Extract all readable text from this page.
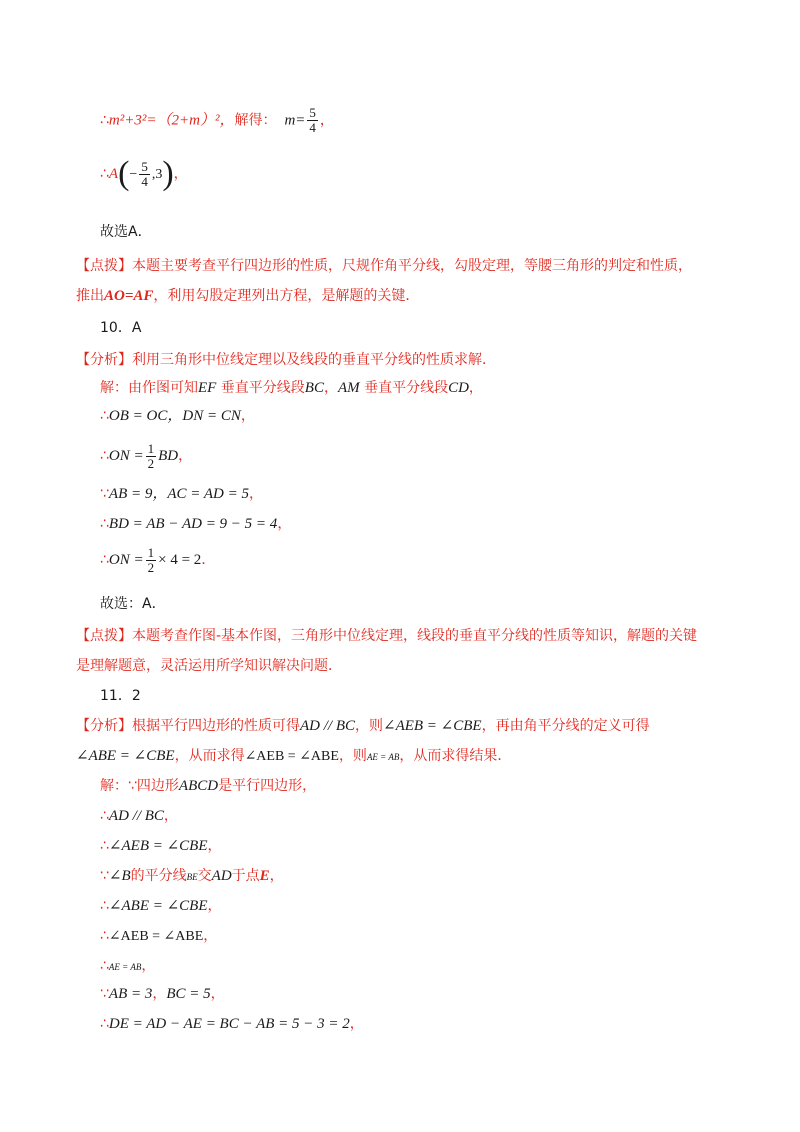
∴m²+3²=（2+m）²，解得： $m= \frac{5}{4}$ ，
∴A(− $\frac{5}{4} ,3$)，
故选A．
【点拨】本题主要考查平行四边形的性质，尺规作角平分线，勾股定理，等腰三角形的判定和性质，
推出AO=AF，利用勾股定理列出方程，是解题的关键．
10．A
【分析】利用三角形中位线定理以及线段的垂直平分线的性质求解．
解：由作图可知EF 垂直平分线段BC，AM 垂直平分线段CD，
∴OB = OC，DN = CN，
∴ON = $\frac{1}{2}$ BD，
∵AB = 9，AC = AD = 5，
∴BD = AB − AD = 9 − 5 = 4，
∴ON = $\frac{1}{2} \times 4 = 2$．
故选：A．
【点拨】本题考查作图-基本作图，三角形中位线定理，线段的垂直平分线的性质等知识，解题的关键
是理解题意，灵活运用所学知识解决问题．
11．2
【分析】根据平行四边形的性质可得AD // BC，则∠AEB = ∠CBE，再由角平分线的定义可得
∠ABE = ∠CBE，从而求得∠AEB = ∠ABE，则AE = AB，从而求得结果．
解：∵四边形ABCD是平行四边形，
∴AD // BC，
∴∠AEB = ∠CBE，
∵∠B的平分线BE交AD于点E，
∴∠ABE = ∠CBE，
∴∠AEB = ∠ABE，
∴AE = AB，
∵AB = 3，BC = 5，
∴DE = AD − AE = BC − AB = 5 − 3 = 2，
